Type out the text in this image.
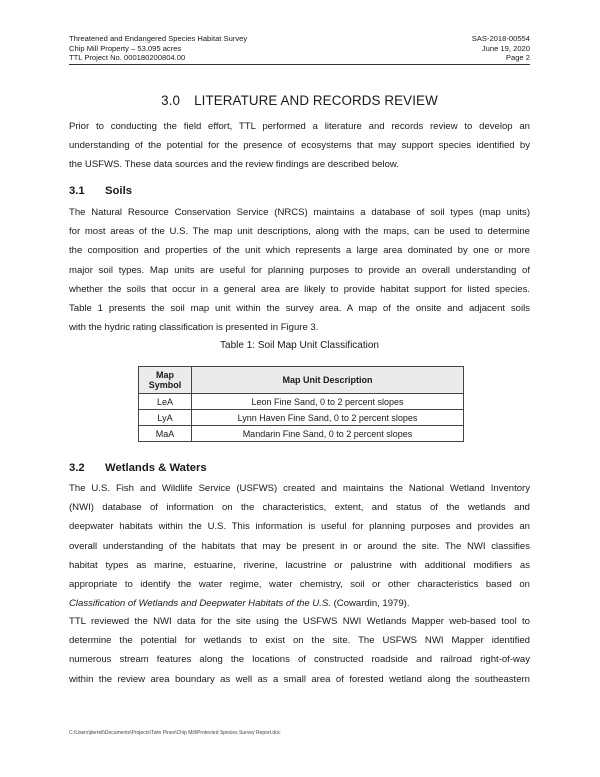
Threatened and Endangered Species Habitat Survey
Chip Mill Property – 53.095 acres
TTL Project No. 000180200804.00
SAS-2018-00554
June 19, 2020
Page 2
3.0 LITERATURE AND RECORDS REVIEW
Prior to conducting the field effort, TTL performed a literature and records review to develop an
understanding of the potential for the presence of ecosystems that may support species identified by
the USFWS. These data sources and the review findings are described below.
3.1 Soils
The Natural Resource Conservation Service (NRCS) maintains a database of soil types (map units)
for most areas of the U.S. The map unit descriptions, along with the maps, can be used to determine
the composition and properties of the unit which represents a large area dominated by one or more
major soil types. Map units are useful for planning purposes to provide an overall understanding of
whether the soils that occur in a general area are likely to provide habitat support for listed species.
Table 1 presents the soil map unit within the survey area. A map of the onsite and adjacent soils
with the hydric rating classification is presented in Figure 3.
Table 1: Soil Map Unit Classification
Map Symbol	Map Unit Description
LeA	Leon Fine Sand, 0 to 2 percent slopes
LyA	Lynn Haven Fine Sand, 0 to 2 percent slopes
MaA	Mandarin Fine Sand, 0 to 2 percent slopes
3.2 Wetlands & Waters
The U.S. Fish and Wildlife Service (USFWS) created and maintains the National Wetland Inventory
(NWI) database of information on the characteristics, extent, and status of the wetlands and
deepwater habitats within the U.S. This information is useful for planning purposes and provides an
overall understanding of the habitats that may be present in or around the site. The NWI classifies
habitat types as marine, estuarine, riverine, lacustrine or palustrine with additional modifiers as
appropriate to identify the water regime, water chemistry, soil or other characteristics based on
Classification of Wetlands and Deepwater Habitats of the U.S. (Cowardin, 1979).
TTL reviewed the NWI data for the site using the USFWS NWI Wetlands Mapper web-based tool to
determine the potential for wetlands to exist on the site. The USFWS NWI Mapper identified
numerous stream features along the locations of constructed roadside and railroad right-of-way
within the review area boundary as well as a small area of forested wetland along the southeastern
C:\Users\jterrell\Documents\Projects\Twin Pines\Chip Mill\Protected Species Survey Report.doc
